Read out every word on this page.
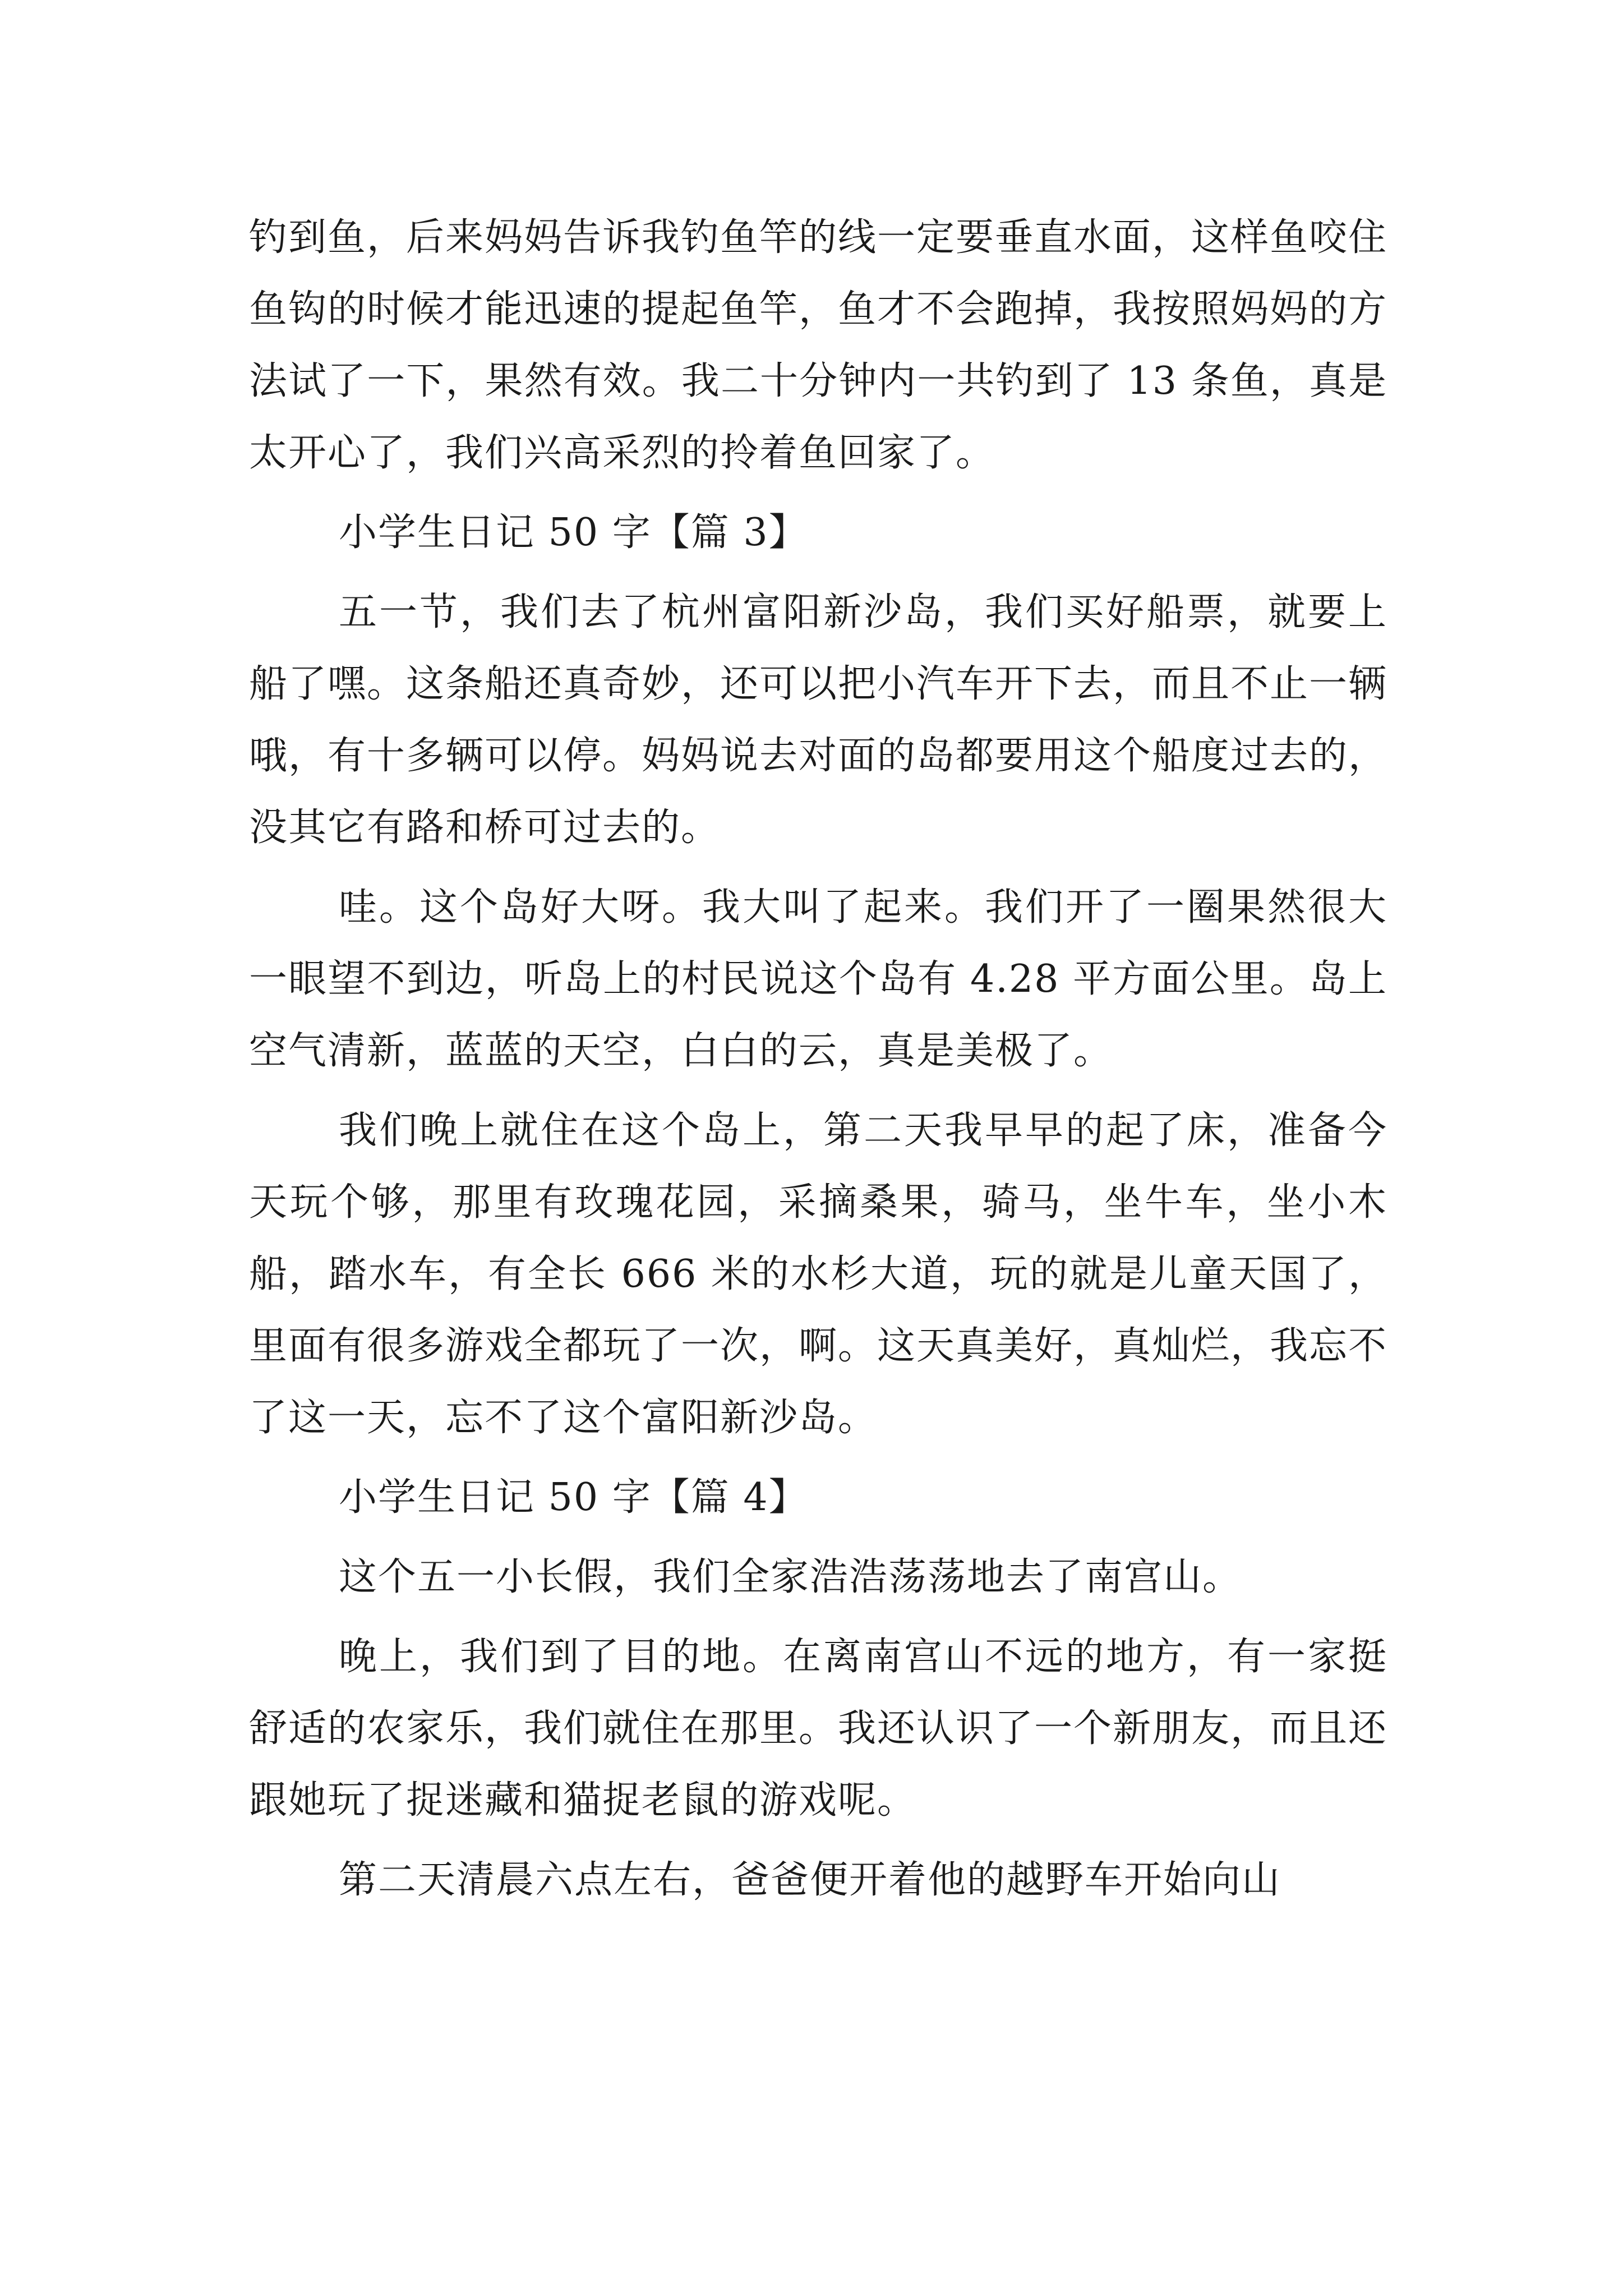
钓到鱼，后来妈妈告诉我钓鱼竿的线一定要垂直水面，这样鱼咬住鱼钩的时候才能迅速的提起鱼竿，鱼才不会跑掉，我按照妈妈的方法试了一下，果然有效。我二十分钟内一共钓到了 13 条鱼，真是太开心了，我们兴高采烈的拎着鱼回家了。

小学生日记 50 字【篇 3】

五一节，我们去了杭州富阳新沙岛，我们买好船票，就要上船了嘿。这条船还真奇妙，还可以把小汽车开下去，而且不止一辆哦，有十多辆可以停。妈妈说去对面的岛都要用这个船度过去的，没其它有路和桥可过去的。

哇。这个岛好大呀。我大叫了起来。我们开了一圈果然很大一眼望不到边，听岛上的村民说这个岛有 4.28 平方面公里。岛上空气清新，蓝蓝的天空，白白的云，真是美极了。

我们晚上就住在这个岛上，第二天我早早的起了床，准备今天玩个够，那里有玫瑰花园，采摘桑果，骑马，坐牛车，坐小木船，踏水车，有全长 666 米的水杉大道，玩的就是儿童天国了，里面有很多游戏全都玩了一次，啊。这天真美好，真灿烂，我忘不了这一天，忘不了这个富阳新沙岛。

小学生日记 50 字【篇 4】

这个五一小长假，我们全家浩浩荡荡地去了南宫山。

晚上，我们到了目的地。在离南宫山不远的地方，有一家挺舒适的农家乐，我们就住在那里。我还认识了一个新朋友，而且还跟她玩了捉迷藏和猫捉老鼠的游戏呢。

第二天清晨六点左右，爸爸便开着他的越野车开始向山
